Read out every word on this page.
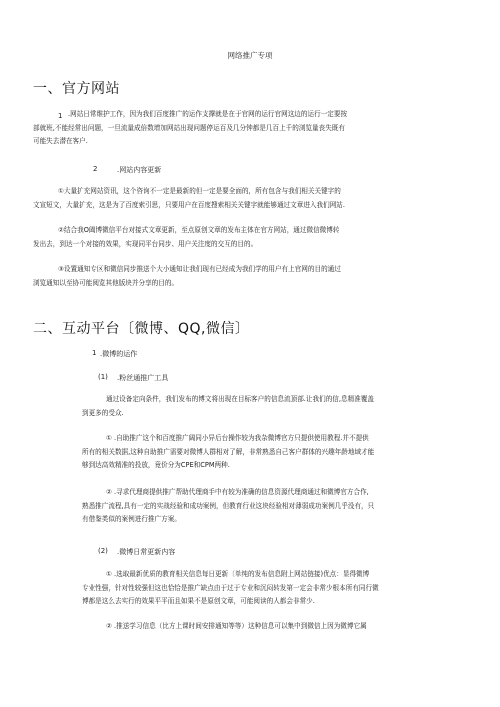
网络推广专项
一、官方网站
1 .网站日常维护工作，因为我们百度推广的运作支撑就是在于官网的运行官网这边的运行一定要按
部就班,不能经常出问题，一旦流量成倍数增加网站出现问题停运百及几分钟都是几百上千的浏览量丧失既有
可能失去潜在客户.
2	.网站内容更新
①大量扩充网站资讯，这个咨询不一定是最新的但一定是要全面的，所有包含与我们相关关键字的
文宣短文，大量扩充，这是为了百度索引思，只要用户在百度搜索相关关键字就能够通过文章进入我们网站.
②结合我O阖博微信平台对接式文章更新，至点原创文章的发布主体在官方网站，通过微信微博转
发出去，到达一个对接的效果，实现同平台同步、用户关注度的交互的目的。
③设置通知专区和微信同步推送个大小通知让我们现有已经成为我们学的用户有上官网的目的通过
浏览通知以至协可能阅览其他版块并分享的目的。
二、互动平台〔微博、QQ,微信〕
1 .微博的运作
(1) .粉丝通推广工具
通过设备定向条件，我们发布的博文将出现在目标客户的信息流顶部.让我们的信,息精准覆盖
到更多的受众.
① .自助推广这个和百度推广阔同小异后台操作较为我杂微博官方只提供使用教程.并不提供
所有的相关数据,这种自助推广需要对微博人群相对了解，非常熟悉自己客户群体的兴趣年龄地域才能
够到达高效精准的投放，竟价分为CPE和CPM两种.
② .寻求代理商提供推广帮助代理商手中有较为准确的信息资源代理商通过和微博官方合作,
熟悉推广流程,具有一定的实战经验和成功案例，但教育行业这块经验相对薄弱成功案例几乎没有，只
有借鉴类似的案例进行推广方案。
(2) .微博日常更新内容
① .选取最新优质的教育相关信息每日更新〔单纯的发布信息附上网站链接)优点：显得微博
专业性强，针对性较强但这也恰恰是推广缺点由于过于专业和沉闷转发第一定会非常少根本所有同行微
博都是这么去实行的效果平平而且如果不是原创文章，可能阅读的人都会非常少.
② .推送学习信息（比方上课时间安排通知等等）这种信息可以集中到微信上因为微博它属
